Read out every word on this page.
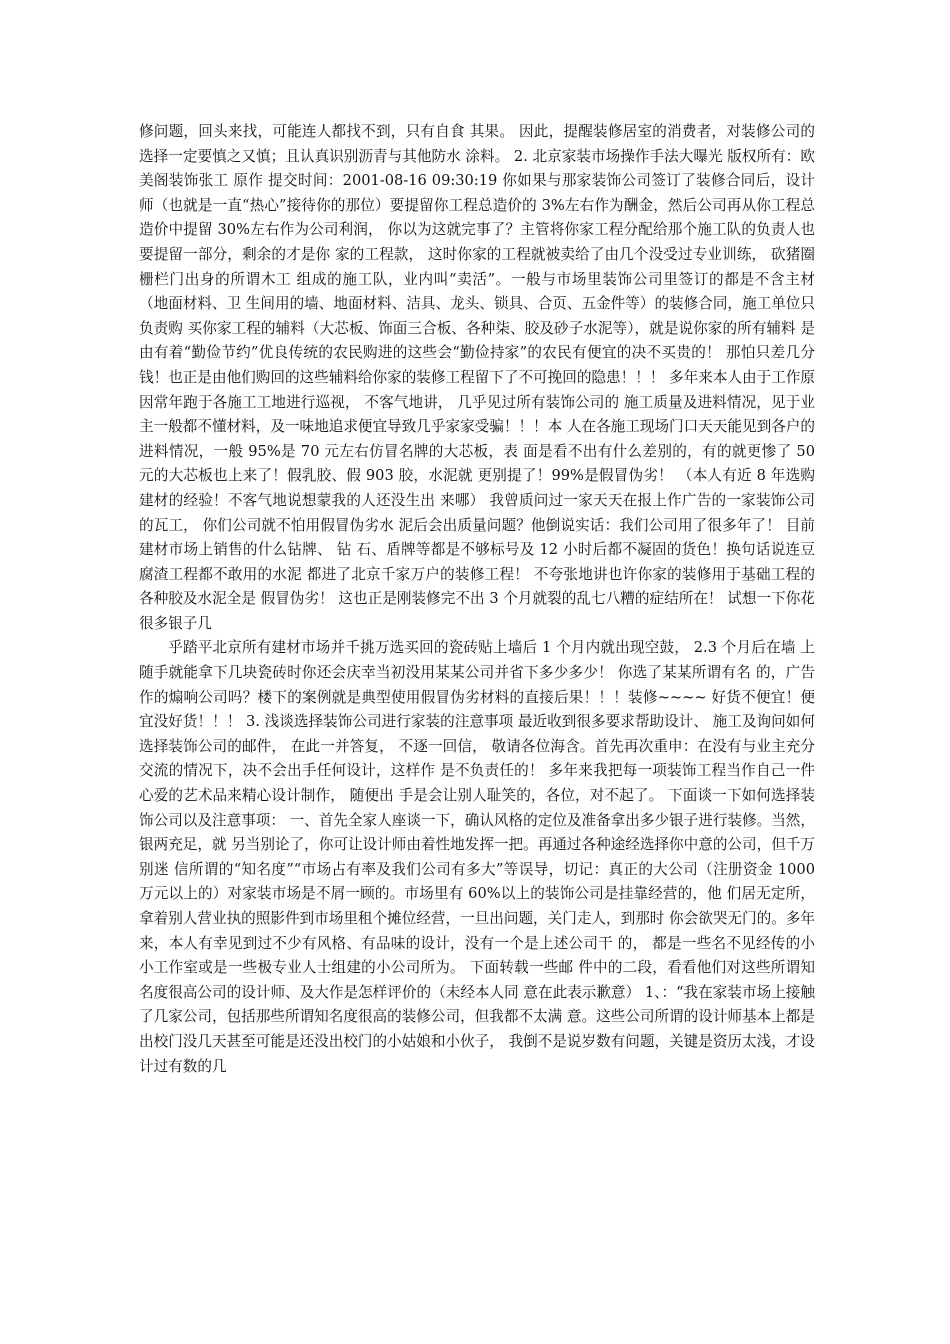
修问题，回头来找，可能连人都找不到，只有自食 其果。 因此，提醒装修居室的消费者，对装修公司的选择一定要慎之又慎；且认真识别沥青与其他防水 涂料。 2. 北京家装市场操作手法大曝光 版权所有：欧美阁装饰张工 原作 提交时间：2001-08-16 09:30:19 你如果与那家装饰公司签订了装修合同后，设计师（也就是一直“热心”接待你的那位）要提留你工程总造价的 3%左右作为酬金，然后公司再从你工程总造价中提留 30%左右作为公司利润， 你以为这就完事了？主管将你家工程分配给那个施工队的负责人也要提留一部分，剩余的才是你 家的工程款， 这时你家的工程就被卖给了由几个没受过专业训练， 砍猪圈栅栏门出身的所谓木工 组成的施工队，业内叫“卖活”。一般与市场里装饰公司里签订的都是不含主材（地面材料、卫 生间用的墙、地面材料、洁具、龙头、锁具、合页、五金件等）的装修合同，施工单位只负责购 买你家工程的辅料（大芯板、饰面三合板、各种柒、胶及砂子水泥等），就是说你家的所有辅料 是由有着“勤俭节约”优良传统的农民购进的这些会“勤俭持家”的农民有便宜的决不买贵的！ 那怕只差几分钱！也正是由他们购回的这些辅料给你家的装修工程留下了不可挽回的隐患！！！ 多年来本人由于工作原因常年跑于各施工工地进行巡视， 不客气地讲， 几乎见过所有装饰公司的 施工质量及进料情况，见于业主一般都不懂材料，及一味地追求便宜导致几乎家家受骗！！！本 人在各施工现场门口天天能见到各户的进料情况，一般 95%是 70 元左右仿冒名牌的大芯板，表 面是看不出有什么差别的，有的就更惨了 50 元的大芯板也上来了！假乳胶、假 903 胶，水泥就 更别提了！99%是假冒伪劣！ （本人有近 8 年选购建材的经验！不客气地说想蒙我的人还没生出 来哪） 我曾质问过一家天天在报上作广告的一家装饰公司的瓦工， 你们公司就不怕用假冒伪劣水 泥后会出质量问题？他倒说实话：我们公司用了很多年了！ 目前建材市场上销售的什么钻牌、 钻 石、盾牌等都是不够标号及 12 小时后都不凝固的货色！换句话说连豆腐渣工程都不敢用的水泥 都进了北京千家万户的装修工程！ 不夸张地讲也许你家的装修用于基础工程的各种胶及水泥全是 假冒伪劣！ 这也正是刚装修完不出 3 个月就裂的乱七八糟的症结所在！ 试想一下你花很多银子几

乎踏平北京所有建材市场并千挑万选买回的瓷砖贴上墙后 1 个月内就出现空鼓， 2.3 个月后在墙 上随手就能拿下几块瓷砖时你还会庆幸当初没用某某公司并省下多少多少！ 你选了某某所谓有名 的，广告作的煽响公司吗？楼下的案例就是典型使用假冒伪劣材料的直接后果！！！装修~~~~ 好货不便宜！便宜没好货！！！ 3. 浅谈选择装饰公司进行家装的注意事项 最近收到很多要求帮助设计、 施工及询问如何选择装饰公司的邮件， 在此一并答复， 不逐一回信， 敬请各位海含。首先再次重申：在没有与业主充分交流的情况下，决不会出手任何设计，这样作 是不负责任的！ 多年来我把每一项装饰工程当作自己一件心爱的艺术品来精心设计制作， 随便出 手是会让别人耻笑的，各位，对不起了。 下面谈一下如何选择装饰公司以及注意事项： 一、首先全家人座谈一下，确认风格的定位及准备拿出多少银子进行装修。当然，银两充足，就 另当别论了，你可让设计师由着性地发挥一把。再通过各种途经选择你中意的公司，但千万别迷 信所谓的“知名度”“市场占有率及我们公司有多大”等误导，切记：真正的大公司（注册资金 1000 万元以上的）对家装市场是不屑一顾的。市场里有 60%以上的装饰公司是挂靠经营的，他 们居无定所，拿着别人营业执的照影件到市场里租个摊位经营，一旦出问题，关门走人，到那时 你会欲哭无门的。多年来，本人有幸见到过不少有风格、有品味的设计，没有一个是上述公司干 的， 都是一些名不见经传的小小工作室或是一些极专业人士组建的小公司所为。 下面转载一些邮 件中的二段，看看他们对这些所谓知名度很高公司的设计师、及大作是怎样评价的（未经本人同 意在此表示歉意） 1、：“我在家装市场上接触了几家公司，包括那些所谓知名度很高的装修公司，但我都不太满 意。这些公司所谓的设计师基本上都是出校门没几天甚至可能是还没出校门的小姑娘和小伙子， 我倒不是说岁数有问题，关键是资历太浅，才设计过有数的几
